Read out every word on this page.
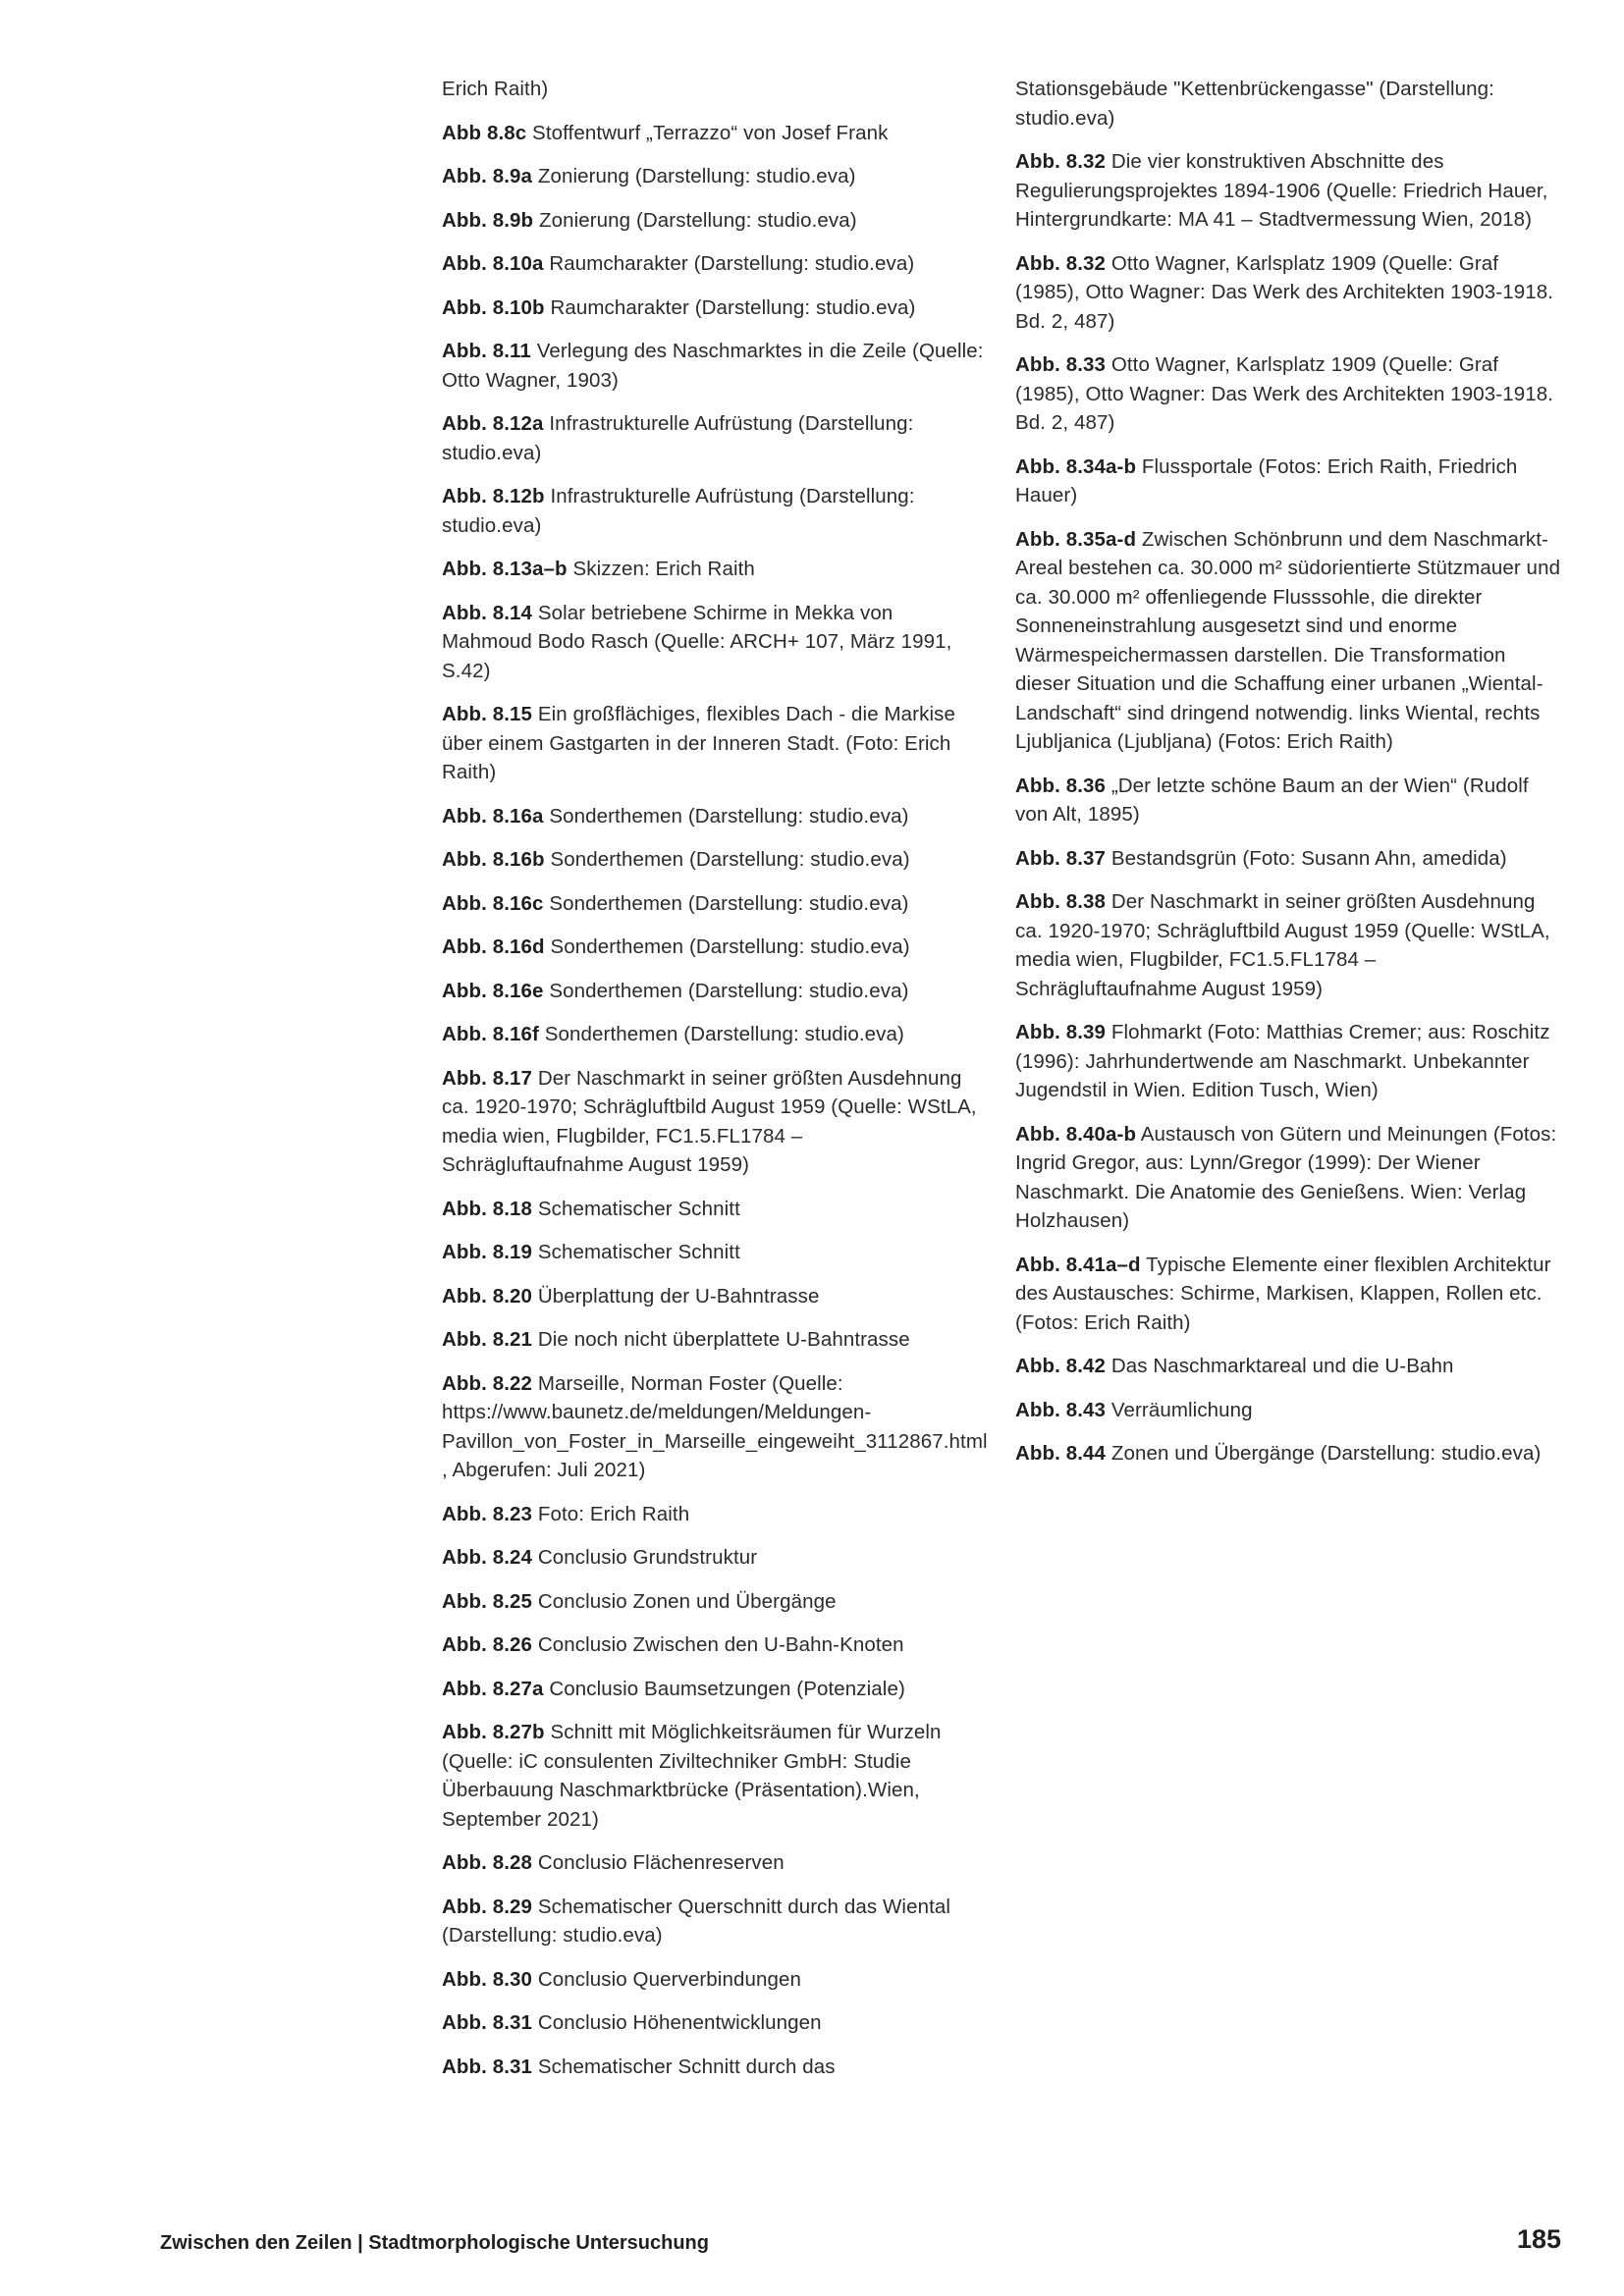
Erich Raith)

Abb 8.8c Stoffentwurf „Terrazzo“ von Josef Frank

Abb. 8.9a Zonierung (Darstellung: studio.eva)

Abb. 8.9b Zonierung (Darstellung: studio.eva)

Abb. 8.10a Raumcharakter (Darstellung: studio.eva)

Abb. 8.10b Raumcharakter (Darstellung: studio.eva)

Abb. 8.11 Verlegung des Naschmarktes in die Zeile (Quelle: Otto Wagner, 1903)

Abb. 8.12a Infrastrukturelle Aufrüstung (Darstellung: studio.eva)

Abb. 8.12b Infrastrukturelle Aufrüstung (Darstellung: studio.eva)

Abb. 8.13a–b Skizzen: Erich Raith

Abb. 8.14 Solar betriebene Schirme in Mekka von Mahmoud Bodo Rasch (Quelle: ARCH+ 107, März 1991, S.42)

Abb. 8.15 Ein großflächiges, flexibles Dach - die Markise über einem Gastgarten in der Inneren Stadt. (Foto: Erich Raith)

Abb. 8.16a Sonderthemen (Darstellung: studio.eva)

Abb. 8.16b Sonderthemen (Darstellung: studio.eva)

Abb. 8.16c Sonderthemen (Darstellung: studio.eva)

Abb. 8.16d Sonderthemen (Darstellung: studio.eva)

Abb. 8.16e Sonderthemen (Darstellung: studio.eva)

Abb. 8.16f Sonderthemen (Darstellung: studio.eva)

Abb. 8.17 Der Naschmarkt in seiner größten Ausdehnung ca. 1920-1970; Schrägluftbild August 1959 (Quelle: WStLA, media wien, Flugbilder, FC1.5.FL1784 – Schrägluftaufnahme August 1959)

Abb. 8.18 Schematischer Schnitt

Abb. 8.19 Schematischer Schnitt

Abb. 8.20 Überplattung der U-Bahntrasse

Abb. 8.21 Die noch nicht überplattete U-Bahntrasse

Abb. 8.22 Marseille, Norman Foster (Quelle: https://www.baunetz.de/meldungen/Meldungen-Pavillon_von_Foster_in_Marseille_eingeweiht_3112867.html , Abgerufen: Juli 2021)

Abb. 8.23 Foto: Erich Raith

Abb. 8.24 Conclusio Grundstruktur

Abb. 8.25 Conclusio Zonen und Übergänge

Abb. 8.26 Conclusio Zwischen den U-Bahn-Knoten

Abb. 8.27a Conclusio Baumsetzungen (Potenziale)

Abb. 8.27b Schnitt mit Möglichkeitsräumen für Wurzeln (Quelle: iC consulenten Ziviltechniker GmbH: Studie Überbauung Naschmarktbrücke (Präsentation).Wien, September 2021)

Abb. 8.28 Conclusio Flächenreserven

Abb. 8.29 Schematischer Querschnitt durch das Wiental (Darstellung: studio.eva)

Abb. 8.30 Conclusio Querverbindungen

Abb. 8.31 Conclusio Höhenentwicklungen

Abb. 8.31 Schematischer Schnitt durch das

Stationsgebäude "Kettenbrückengasse" (Darstellung: studio.eva)

Abb. 8.32 Die vier konstruktiven Abschnitte des Regulierungsprojektes 1894-1906 (Quelle: Friedrich Hauer, Hintergrundkarte: MA 41 – Stadtvermessung Wien, 2018)

Abb. 8.32 Otto Wagner, Karlsplatz 1909 (Quelle: Graf (1985), Otto Wagner: Das Werk des Architekten 1903-1918. Bd. 2, 487)

Abb. 8.33 Otto Wagner, Karlsplatz 1909 (Quelle: Graf (1985), Otto Wagner: Das Werk des Architekten 1903-1918. Bd. 2, 487)

Abb. 8.34a-b Flussportale (Fotos: Erich Raith, Friedrich Hauer)

Abb. 8.35a-d Zwischen Schönbrunn und dem Naschmarkt-Areal bestehen ca. 30.000 m² südorientierte Stützmauer und ca. 30.000 m² offenliegende Flusssohle, die direkter Sonneneinstrahlung ausgesetzt sind und enorme Wärmespeichermassen darstellen. Die Transformation dieser Situation und die Schaffung einer urbanen „Wiental-Landschaft“ sind dringend notwendig. links Wiental, rechts Ljubljanica (Ljubljana) (Fotos: Erich Raith)

Abb. 8.36 „Der letzte schöne Baum an der Wien“ (Rudolf von Alt, 1895)

Abb. 8.37 Bestandsgrün (Foto: Susann Ahn, amedida)

Abb. 8.38 Der Naschmarkt in seiner größten Ausdehnung ca. 1920-1970; Schrägluftbild August 1959 (Quelle: WStLA, media wien, Flugbilder, FC1.5.FL1784 – Schrägluftaufnahme August 1959)

Abb. 8.39 Flohmarkt (Foto: Matthias Cremer; aus: Roschitz (1996): Jahrhundertwende am Naschmarkt. Unbekannter Jugendstil in Wien. Edition Tusch, Wien)

Abb. 8.40a-b Austausch von Gütern und Meinungen (Fotos: Ingrid Gregor, aus: Lynn/Gregor (1999): Der Wiener Naschmarkt. Die Anatomie des Genießens. Wien: Verlag Holzhausen)

Abb. 8.41a–d Typische Elemente einer flexiblen Architektur des Austausches: Schirme, Markisen, Klappen, Rollen etc. (Fotos: Erich Raith)

Abb. 8.42 Das Naschmarktareal und die U-Bahn

Abb. 8.43 Verräumlichung

Abb. 8.44 Zonen und Übergänge (Darstellung: studio.eva)

Zwischen den Zeilen | Stadtmorphologische Untersuchung	185
